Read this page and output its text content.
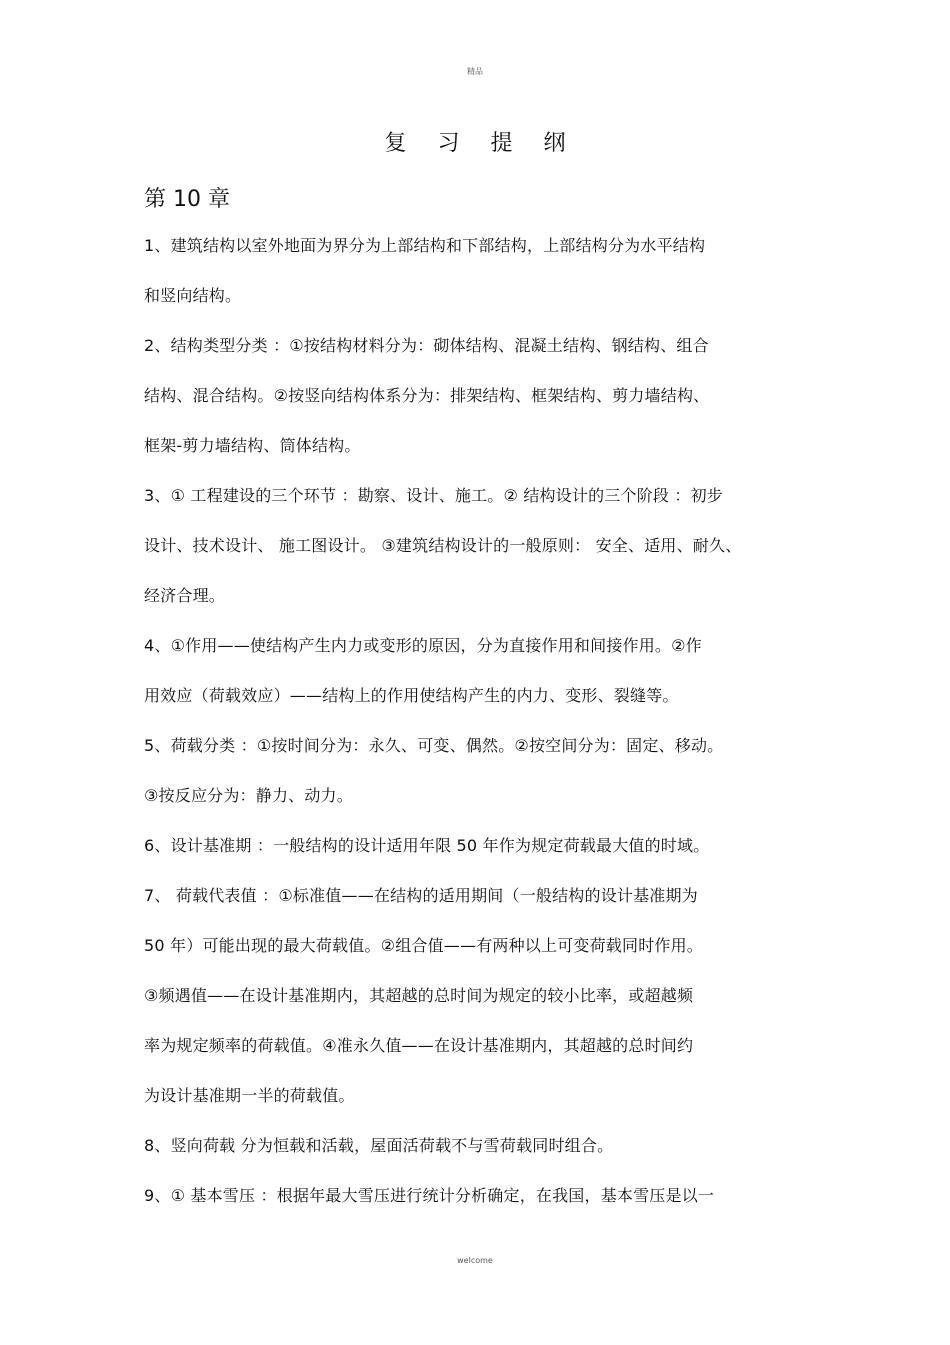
精品
复 习 提 纲
第 10 章
1、建筑结构以室外地面为界分为上部结构和下部结构，上部结构分为水平结构
和竖向结构。
2、结构类型分类 ：①按结构材料分为：砌体结构、混凝土结构、钢结构、组合
结构、混合结构。②按竖向结构体系分为：排架结构、框架结构、剪力墙结构、
框架-剪力墙结构、筒体结构。
3、① 工程建设的三个环节 ：勘察、设计、施工。② 结构设计的三个阶段 ：初步
设计、技术设计、 施工图设计。 ③建筑结构设计的一般原则： 安全、适用、耐久、
经济合理。
4、①作用——使结构产生内力或变形的原因，分为直接作用和间接作用。②作
用效应（荷载效应）——结构上的作用使结构产生的内力、变形、裂缝等。
5、荷载分类 ：①按时间分为：永久、可变、偶然。②按空间分为：固定、移动。
③按反应分为：静力、动力。
6、设计基准期 ：一般结构的设计适用年限 50 年作为规定荷载最大值的时域。
7、 荷载代表值 ：①标准值——在结构的适用期间（一般结构的设计基准期为
50 年）可能出现的最大荷载值。②组合值——有两种以上可变荷载同时作用。
③频遇值——在设计基准期内，其超越的总时间为规定的较小比率，或超越频
率为规定频率的荷载值。④准永久值——在设计基准期内，其超越的总时间约
为设计基准期一半的荷载值。
8、竖向荷载 分为恒载和活载，屋面活荷载不与雪荷载同时组合。
9、① 基本雪压 ：根据年最大雪压进行统计分析确定，在我国，基本雪压是以一
welcome
